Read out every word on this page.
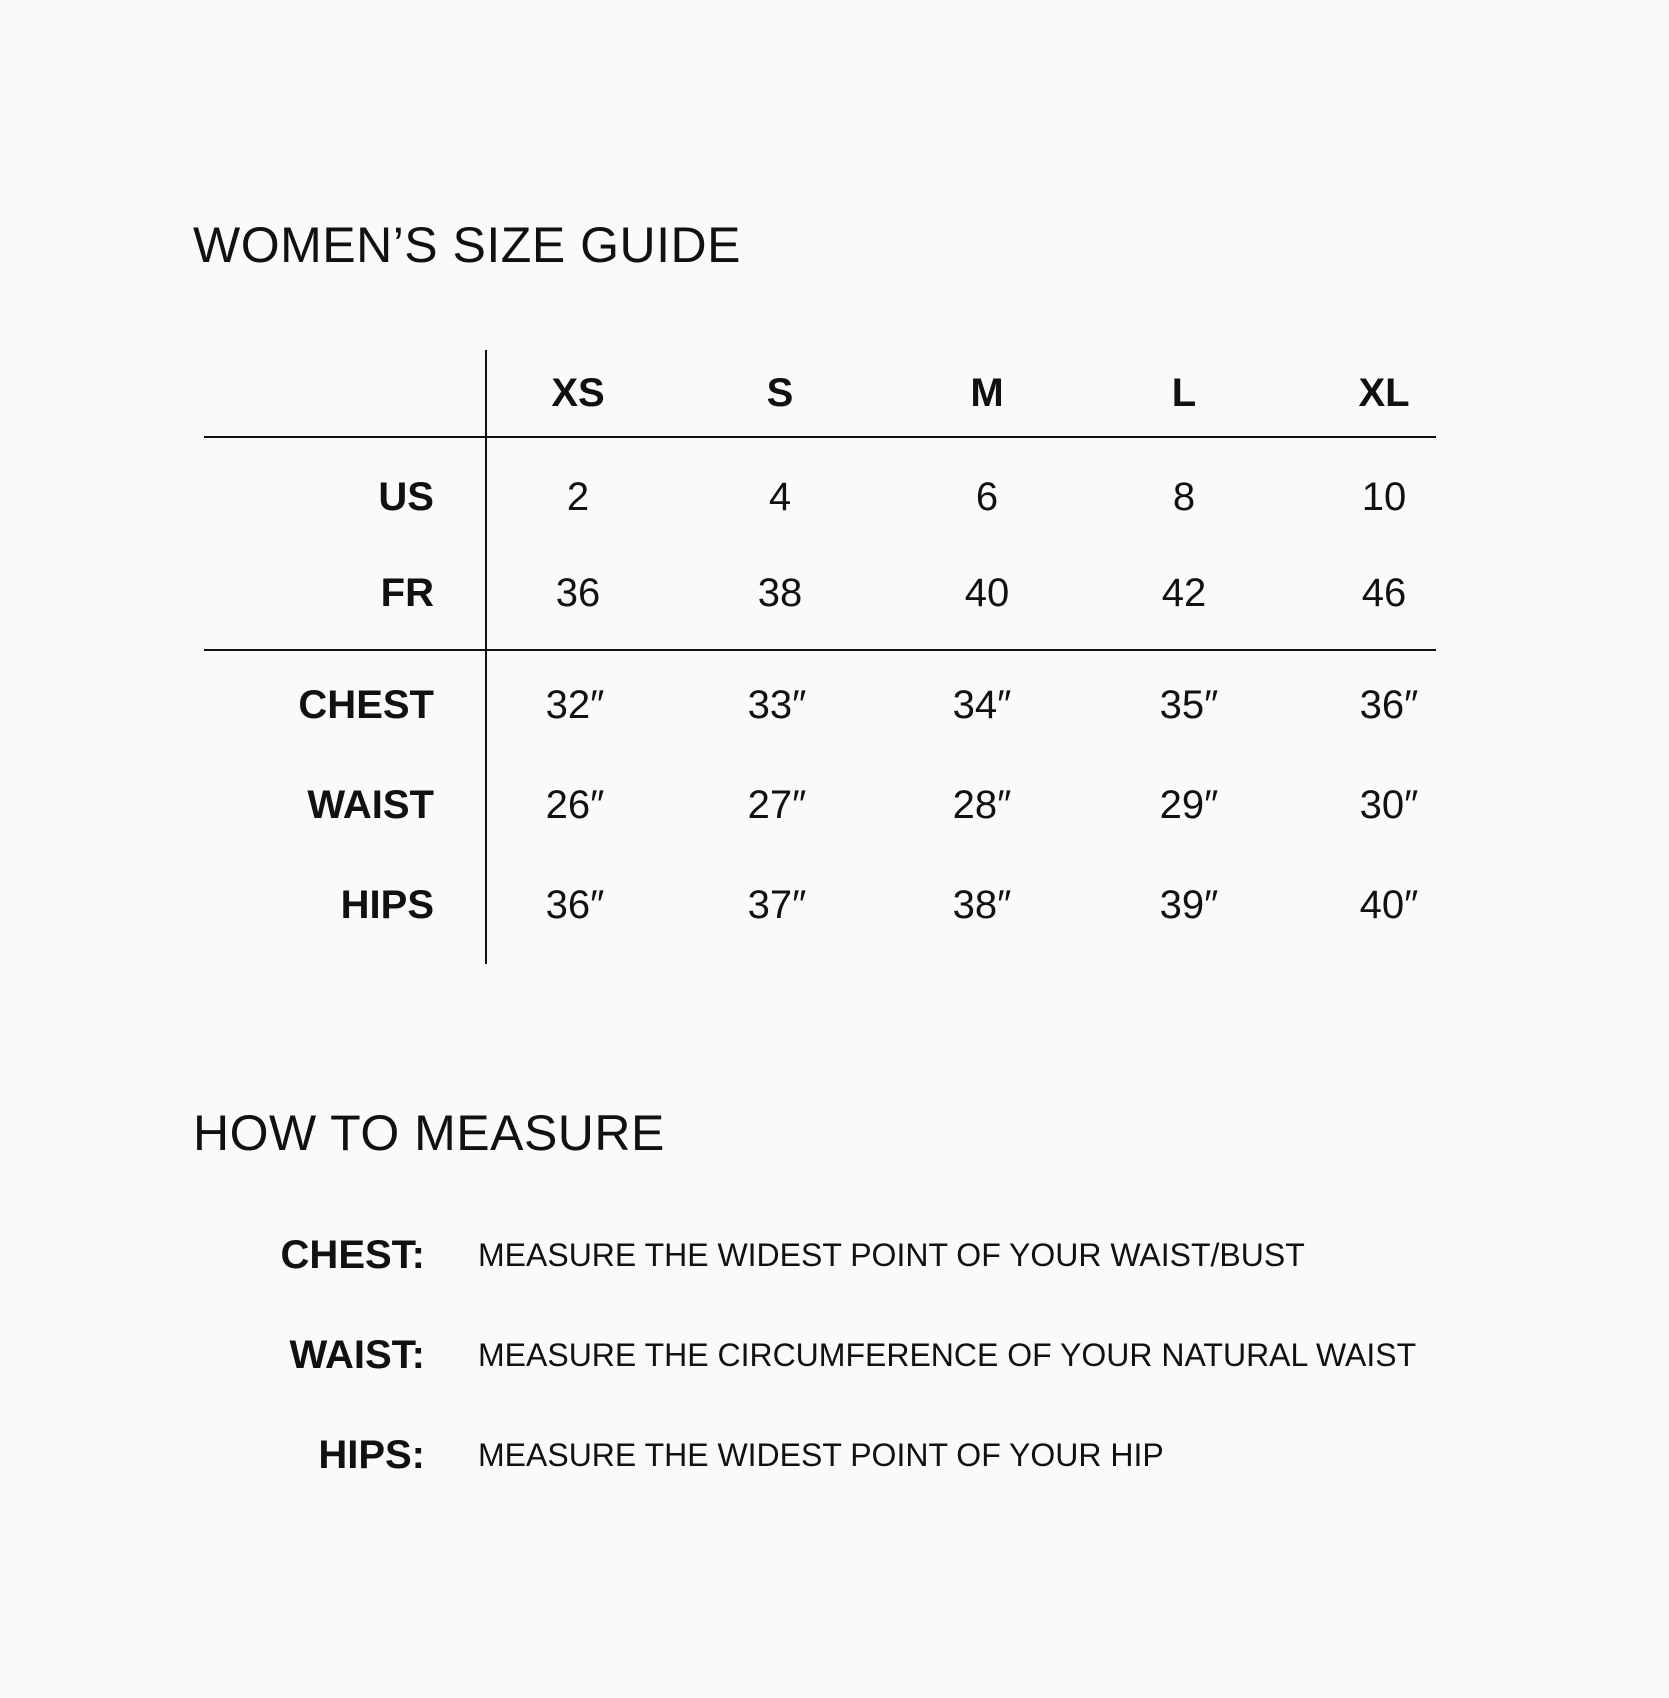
WOMEN’S SIZE GUIDE
XS	S	M	L	XL
US	2	4	6	8	10
FR	36	38	40	42	46
CHEST	32″	33″	34″	35″	36″
WAIST	26″	27″	28″	29″	30″
HIPS	36″	37″	38″	39″	40″
HOW TO MEASURE
CHEST: MEASURE THE WIDEST POINT OF YOUR WAIST/BUST
WAIST: MEASURE THE CIRCUMFERENCE OF YOUR NATURAL WAIST
HIPS: MEASURE THE WIDEST POINT OF YOUR HIP
